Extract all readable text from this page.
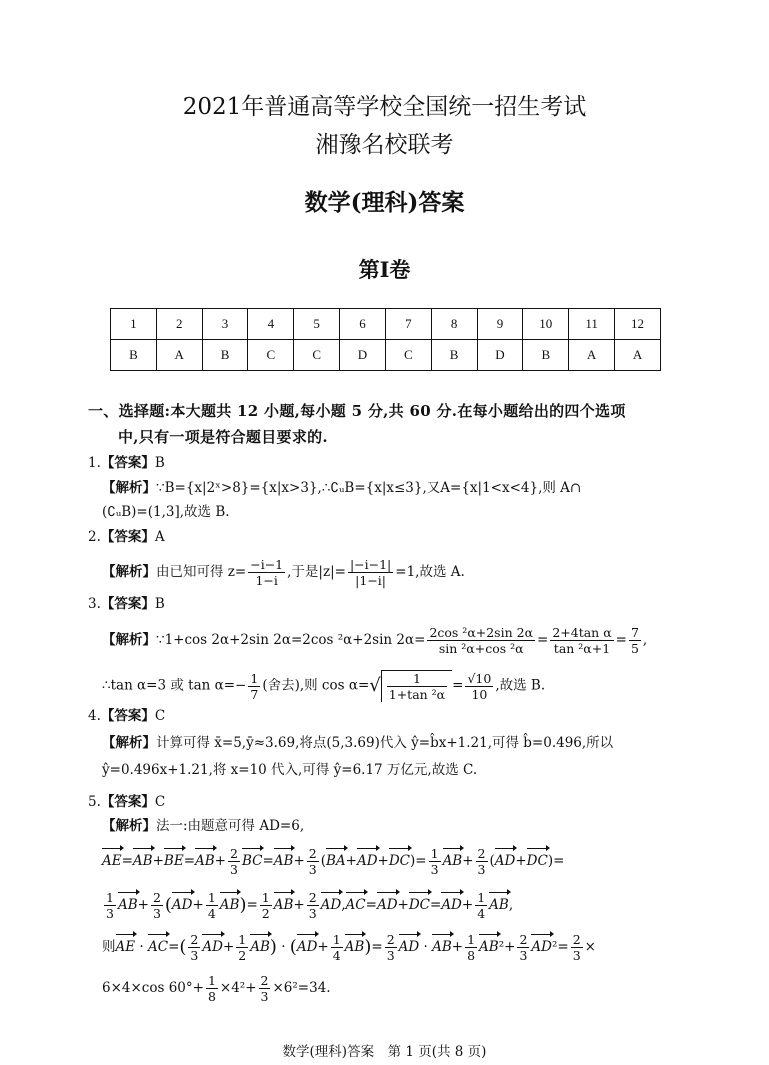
2021年普通高等学校全国统一招生考试
湘豫名校联考
数学(理科)答案
第Ⅰ卷
1	2	3	4	5	6	7	8	9	10	11	12
B	A	B	C	C	D	C	B	D	B	A	A
一、选择题:本大题共 12 小题,每小题 5 分,共 60 分.在每小题给出的四个选项
中,只有一项是符合题目要求的.
1.【答案】B
【解析】∵B={x|2ˣ>8}={x|x>3},∴∁ᵤB={x|x≤3},又A={x|1<x<4},则 A∩
(∁ᵤB)=(1,3],故选 B.
2.【答案】A
【解析】由已知可得 $z= \frac{-i-1}{1-i}$ ,于是$|z|= \frac{|-i-1|}{|1-i|} =1$,故选 A.
3.【答案】B
【解析】∵1+cos 2α+2sin 2α=2cos ²α+2sin $2\alpha= \frac{\text{2cos ²α+2sin 2α}}{\text{sin ²α+cos ²α}} = \frac{\text{2+4tan α}}{\text{tan ²α+1}} = \frac{7}{5}$ ,
∴tan α=3 或 $\tan \alpha=- \frac{1}{7}$ (舍去),则 $\cos \alpha=√ \frac{1}{\text{1+tan ²α}} = \frac{√10}{10}$ ,故选 B.
4.【答案】C
【解析】计算可得 x̄=5,ȳ≈3.69,将点(5,3.69)代入 ŷ=b̂x+1.21,可得 b̂=0.496,所以
ŷ=0.496x+1.21,将 x=10 代入,可得 ŷ=6.17 万亿元,故选 C.
5.【答案】C
【解析】法一:由题意可得 AD=6,
$AE=AB+BE=AB+ \frac{2}{3} BC=AB+ \frac{2}{3} (BA+AD+DC)= \frac{1}{3} AB+ \frac{2}{3} (AD+DC)=$
$\frac{1}{3} AB+ \frac{2}{3} (AD+ \frac{1}{4} AB)= \frac{1}{2} AB+ \frac{2}{3} AD,AC=AD+DC=AD+ \frac{1}{4}$ AB,
则AE · $AC=( \frac{2}{3} AD+ \frac{1}{2} AB) \cdot (AD+ \frac{1}{4} AB)= \frac{2}{3}$ AD · $AB+ \frac{1}{8} AB^2+ \frac{2}{3} AD^2= \frac{2}{3}$ ×
6×4×cos $60^\circ+ \frac{1}{8} \times 4^2+ \frac{2}{3} \times 6^2=34$.
数学(理科)答案　第 1 页(共 8 页)
